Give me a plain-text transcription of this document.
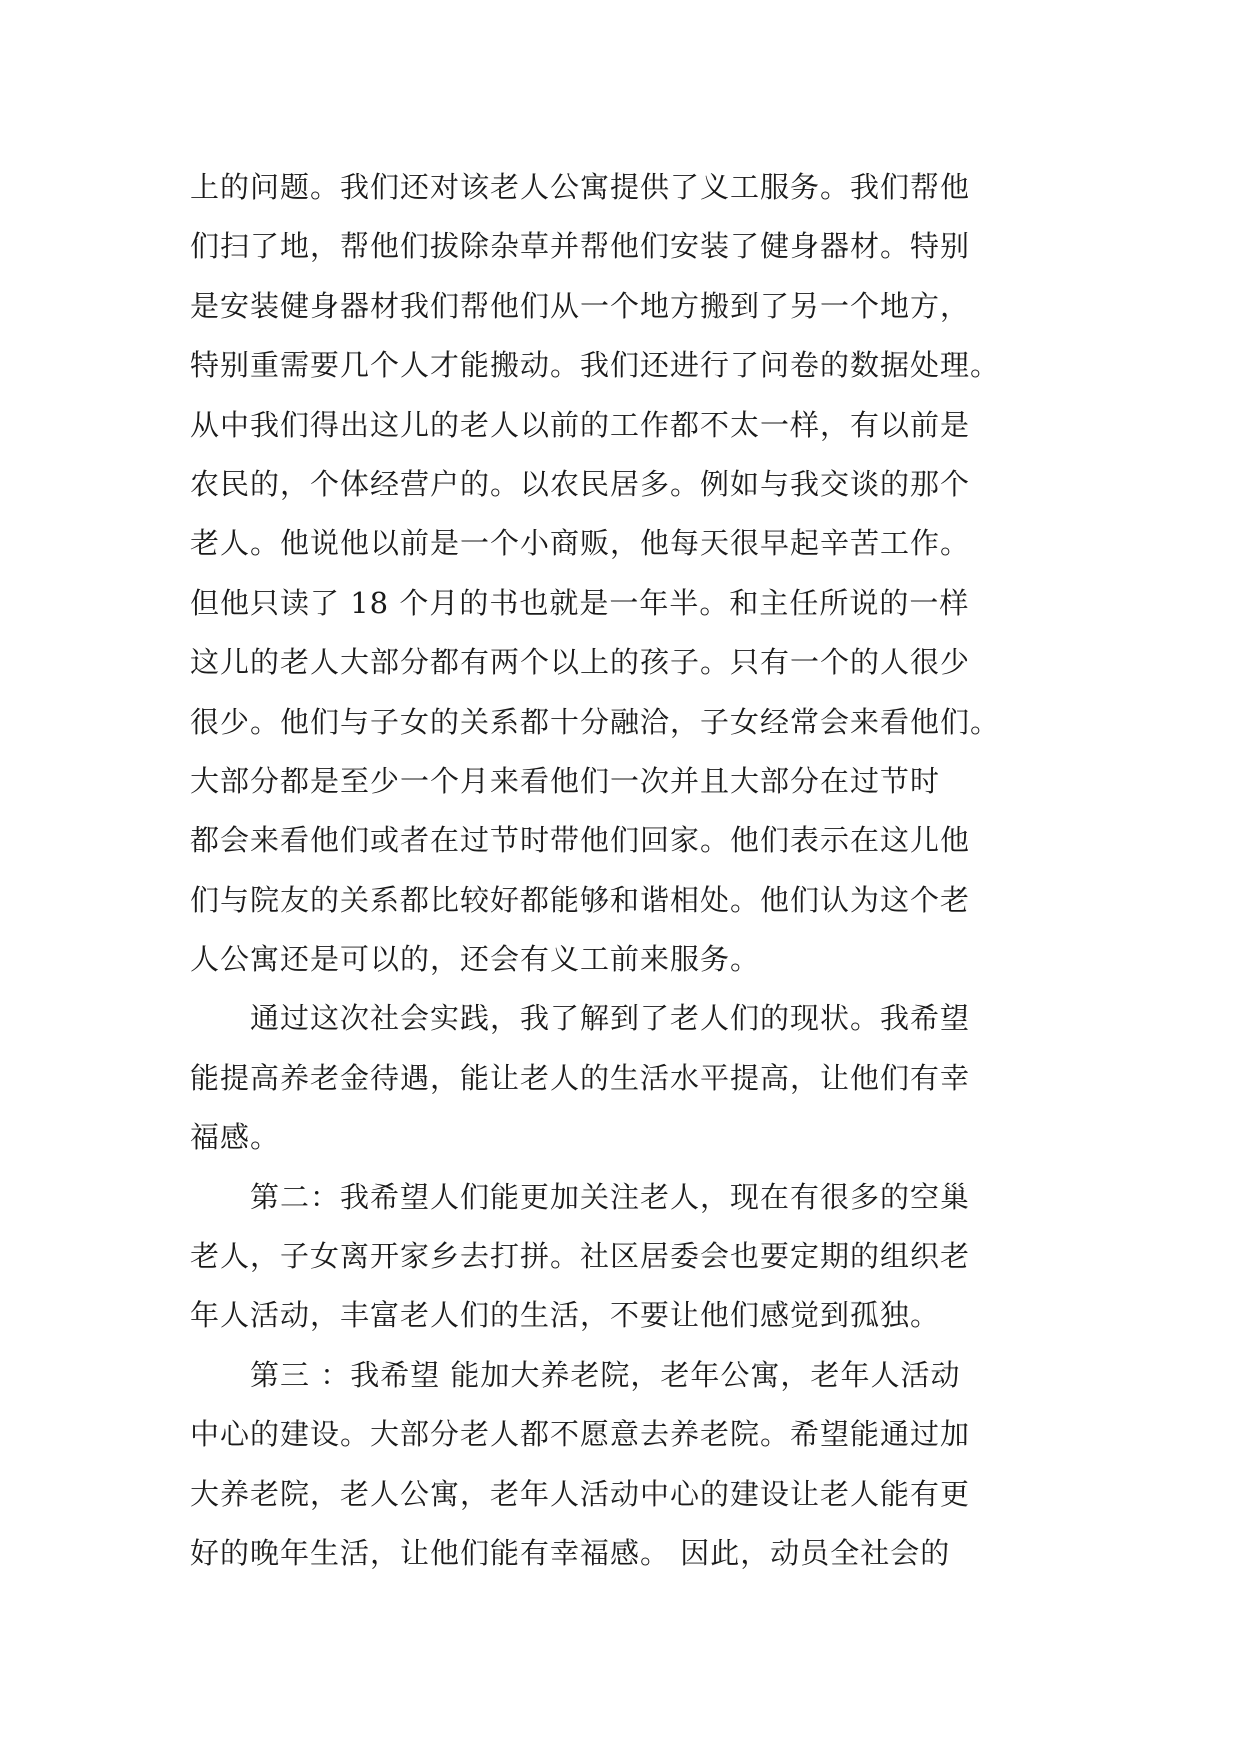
上的问题。我们还对该老人公寓提供了义工服务。我们帮他
们扫了地，帮他们拔除杂草并帮他们安装了健身器材。特别
是安装健身器材我们帮他们从一个地方搬到了另一个地方，
特别重需要几个人才能搬动。我们还进行了问卷的数据处理。
从中我们得出这儿的老人以前的工作都不太一样，有以前是
农民的，个体经营户的。以农民居多。例如与我交谈的那个
老人。他说他以前是一个小商贩，他每天很早起辛苦工作。
但他只读了 18 个月的书也就是一年半。和主任所说的一样
这儿的老人大部分都有两个以上的孩子。只有一个的人很少
很少。他们与子女的关系都十分融洽，子女经常会来看他们。
大部分都是至少一个月来看他们一次并且大部分在过节时
都会来看他们或者在过节时带他们回家。他们表示在这儿他
们与院友的关系都比较好都能够和谐相处。他们认为这个老
人公寓还是可以的，还会有义工前来服务。
　　通过这次社会实践，我了解到了老人们的现状。我希望
能提高养老金待遇，能让老人的生活水平提高，让他们有幸
福感。
　　第二：我希望人们能更加关注老人，现在有很多的空巢
老人，子女离开家乡去打拼。社区居委会也要定期的组织老
年人活动，丰富老人们的生活，不要让他们感觉到孤独。
　　第三 ：我希望 能加大养老院，老年公寓，老年人活动
中心的建设。大部分老人都不愿意去养老院。希望能通过加
大养老院，老人公寓，老年人活动中心的建设让老人能有更
好的晚年生活，让他们能有幸福感。 因此，动员全社会的
